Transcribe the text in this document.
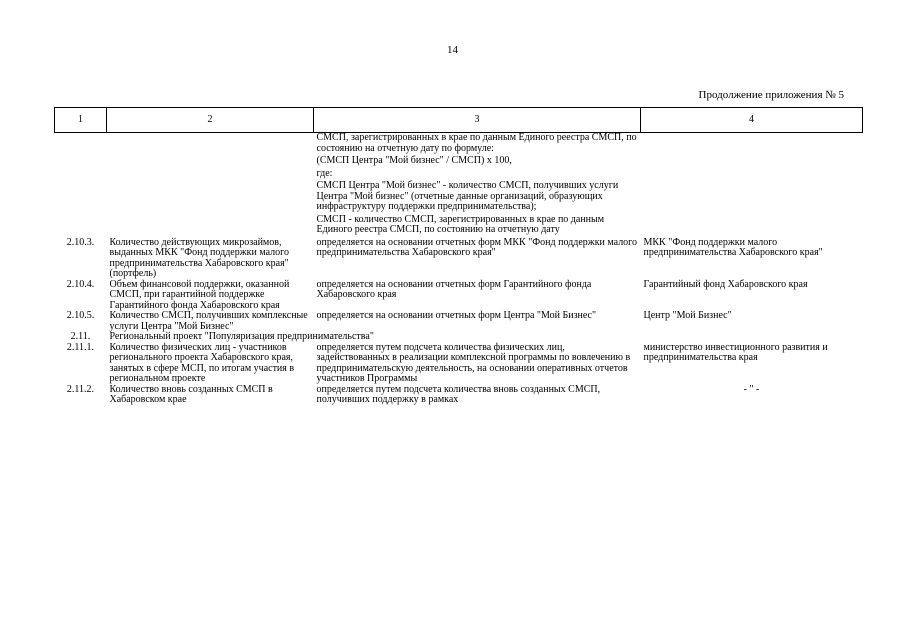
14
Продолжение приложения № 5
1	2	3	4

		СМСП, зарегистрированных в крае по данным Единого реестра СМСП, по состоянию на отчетную дату по формуле:
(СМСП Центра "Мой бизнес" / СМСП) x 100,
где:
СМСП Центра "Мой бизнес" - количество СМСП, получивших услуги Центра "Мой бизнес" (отчетные данные организаций, образующих инфраструктуру поддержки предпринимательства);
СМСП - количество СМСП, зарегистрированных в крае по данным Единого реестра СМСП, по состоянию на отчетную дату	

2.10.3.	Количество действующих микрозаймов, выданных МКК "Фонд поддержки малого предпринимательства Хабаровского края" (портфель)	определяется на основании отчетных форм МКК "Фонд поддержки малого предпринимательства Хабаровского края"	МКК "Фонд поддержки малого предпринимательства Хабаровского края"
2.10.4.	Объем финансовой поддержки, оказанной СМСП, при гарантийной поддержке Гарантийного фонда Хабаровского края	определяется на основании отчетных форм Гарантийного фонда Хабаровского края	Гарантийный фонд Хабаровского края
2.10.5.	Количество СМСП, получивших комплексные услуги Центра "Мой Бизнес"	определяется на основании отчетных форм Центра "Мой Бизнес"	Центр "Мой Бизнес"
2.11.	Региональный проект "Популяризация предпринимательства"		
2.11.1.	Количество физических лиц - участников регионального проекта Хабаровского края, занятых в сфере МСП, по итогам участия в региональном проекте	определяется путем подсчета количества физических лиц, задействованных в реализации комплексной программы по вовлечению в предпринимательскую деятельность, на основании оперативных отчетов участников Программы	министерство инвестиционного развития и предпринимательства края
2.11.2.	Количество вновь созданных СМСП в Хабаровском крае	определяется путем подсчета количества вновь созданных СМСП, получивших поддержку в рамках	- " -
